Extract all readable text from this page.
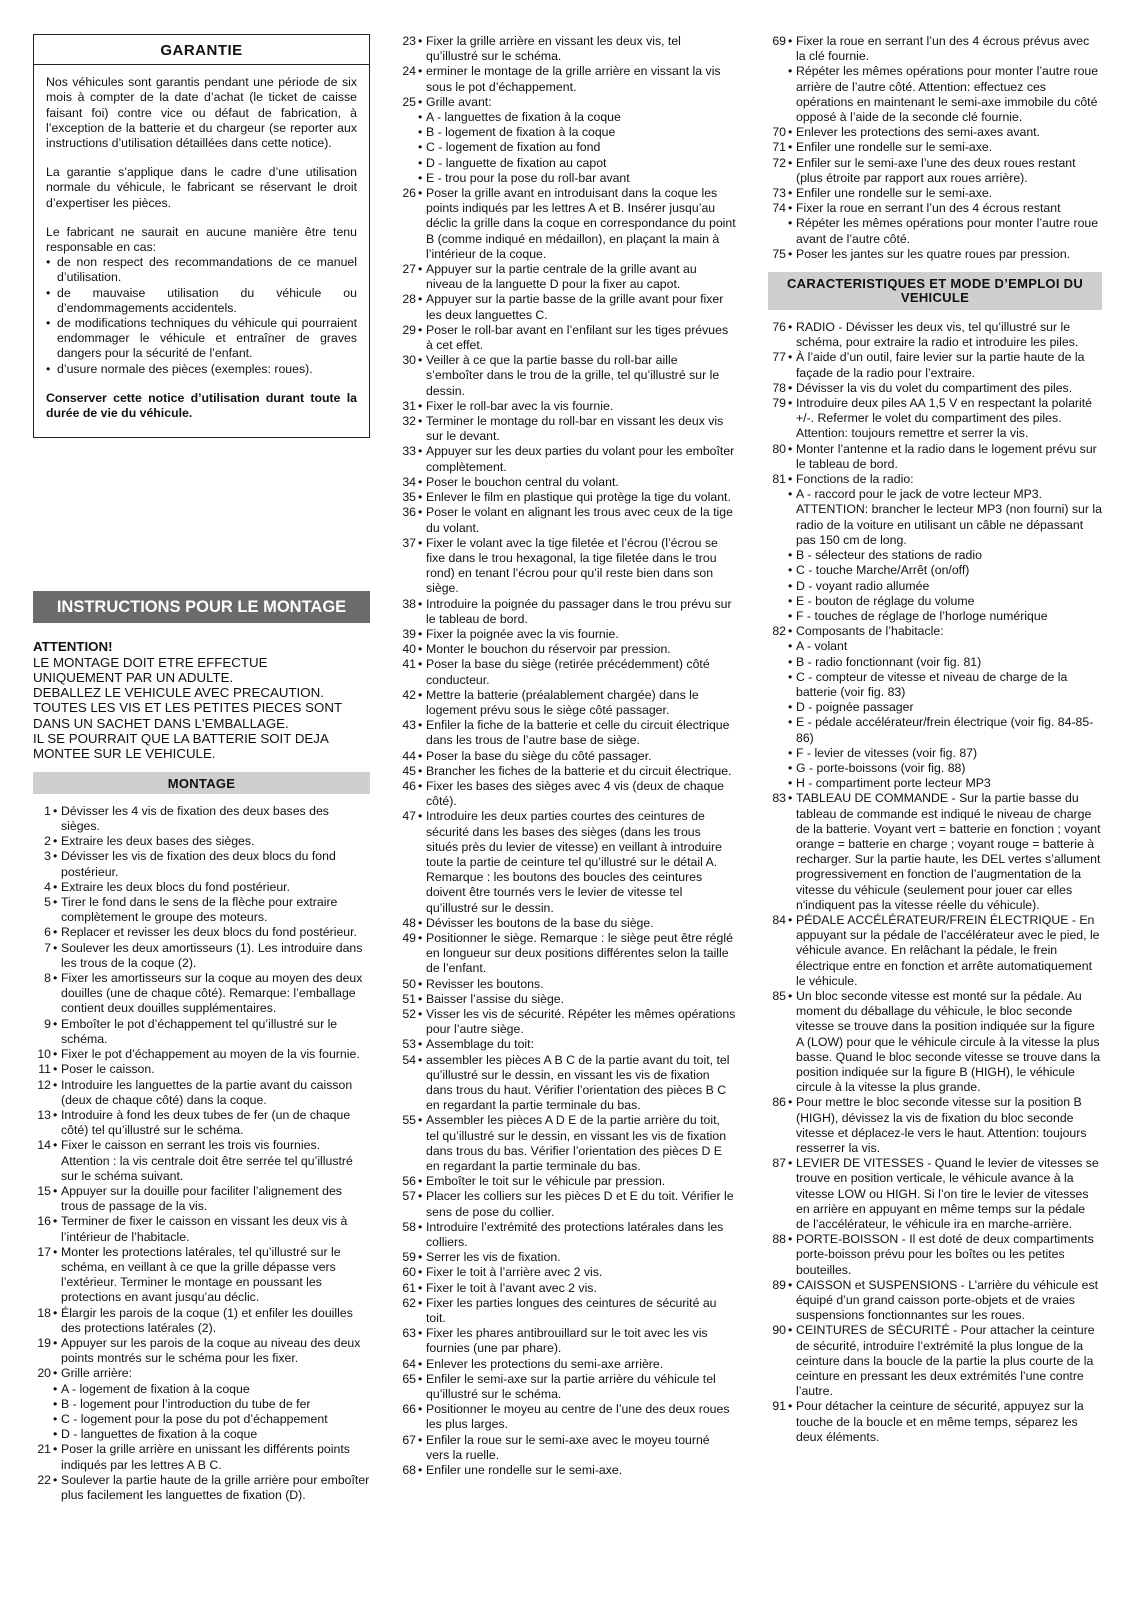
GARANTIE

Nos véhicules sont garantis pendant une période de six mois à compter de la date d’achat (le ticket de caisse faisant foi) contre vice ou défaut de fabrication, à l’exception de la batterie et du chargeur (se reporter aux instructions d’utilisation détaillées dans cette notice).

La garantie s’applique dans le cadre d’une utilisation normale du véhicule, le fabricant se réservant le droit d’expertiser les pièces.

Le fabricant ne saurait en aucune manière être tenu responsable en cas:

• de non respect des recommandations de ce manuel d’utilisation.
• de mauvaise utilisation du véhicule ou d’endommagements accidentels.
• de modifications techniques du véhicule qui pourraient endommager le véhicule et entraîner de graves dangers pour la sécurité de l’enfant.
• d’usure normale des pièces (exemples: roues).

Conserver cette notice d’utilisation durant toute la durée de vie du véhicule.

INSTRUCTIONS POUR LE MONTAGE
ATTENTION!
LE MONTAGE DOIT ETRE EFFECTUE
UNIQUEMENT PAR UN ADULTE.
DEBALLEZ LE VEHICULE AVEC PRECAUTION.
TOUTES LES VIS ET LES PETITES PIECES SONT
DANS UN SACHET DANS L'EMBALLAGE.
IL SE POURRAIT QUE LA BATTERIE SOIT DEJA
MONTEE SUR LE VEHICULE.
MONTAGE
1 • Dévisser les 4 vis de fixation des deux bases des sièges.
2 • Extraire les deux bases des sièges.
3 • Dévisser les vis de fixation des deux blocs du fond postérieur.
4 • Extraire les deux blocs du fond postérieur.
5 • Tirer le fond dans le sens de la flèche pour extraire complètement le groupe des moteurs.
6 • Replacer et revisser les deux blocs du fond postérieur.
7 • Soulever les deux amortisseurs (1). Les introduire dans les trous de la coque (2).
8 • Fixer les amortisseurs sur la coque au moyen des deux douilles (une de chaque côté). Remarque: l’emballage contient deux douilles supplémentaires.
9 • Emboîter le pot d’échappement tel qu’illustré sur le schéma.
10 • Fixer le pot d’échappement au moyen de la vis fournie.
11 • Poser le caisson.
12 • Introduire les languettes de la partie avant du caisson (deux de chaque côté) dans la coque.
13 • Introduire à fond les deux tubes de fer (un de chaque côté) tel qu’illustré sur le schéma.
14 • Fixer le caisson en serrant les trois vis fournies. Attention : la vis centrale doit être serrée tel qu’illustré sur le schéma suivant.
15 • Appuyer sur la douille pour faciliter l’alignement des trous de passage de la vis.
16 • Terminer de fixer le caisson en vissant les deux vis à l’intérieur de l’habitacle.
17 • Monter les protections latérales, tel qu’illustré sur le schéma, en veillant à ce que la grille dépasse vers l’extérieur. Terminer le montage en poussant les protections en avant jusqu’au déclic.
18 • Élargir les parois de la coque (1) et enfiler les douilles des protections latérales (2).
19 • Appuyer sur les parois de la coque au niveau des deux points montrés sur le schéma pour les fixer.
20 • Grille arrière:
• A - logement de fixation à la coque
• B - logement pour l’introduction du tube de fer
• C - logement pour la pose du pot d’échappement
• D - languettes de fixation à la coque
21 • Poser la grille arrière en unissant les différents points indiqués par les lettres A B C.
22 • Soulever la partie haute de la grille arrière pour emboîter plus facilement les languettes de fixation (D).
23 • Fixer la grille arrière en vissant les deux vis, tel qu’illustré sur le schéma.
24 • erminer le montage de la grille arrière en vissant la vis sous le pot d’échappement.
25 • Grille avant:
• A - languettes de fixation à la coque
• B - logement de fixation à la coque
• C - logement de fixation au fond
• D - languette de fixation au capot
• E - trou pour la pose du roll-bar avant
26 • Poser la grille avant en introduisant dans la coque les points indiqués par les lettres A et B. Insérer jusqu’au déclic la grille dans la coque en correspondance du point B (comme indiqué en médaillon), en plaçant la main à l’intérieur de la coque.
27 • Appuyer sur la partie centrale de la grille avant au niveau de la languette D pour la fixer au capot.
28 • Appuyer sur la partie basse de la grille avant pour fixer les deux languettes C.
29 • Poser le roll-bar avant en l’enfilant sur les tiges prévues à cet effet.
30 • Veiller à ce que la partie basse du roll-bar aille s’emboîter dans le trou de la grille, tel qu’illustré sur le dessin.
31 • Fixer le roll-bar avec la vis fournie.
32 • Terminer le montage du roll-bar en vissant les deux vis sur le devant.
33 • Appuyer sur les deux parties du volant pour les emboîter complètement.
34 • Poser le bouchon central du volant.
35 • Enlever le film en plastique qui protège la tige du volant.
36 • Poser le volant en alignant les trous avec ceux de la tige du volant.
37 • Fixer le volant avec la tige filetée et l’écrou (l’écrou se fixe dans le trou hexagonal, la tige filetée dans le trou rond) en tenant l’écrou pour qu’il reste bien dans son siège.
38 • Introduire la poignée du passager dans le trou prévu sur le tableau de bord.
39 • Fixer la poignée avec la vis fournie.
40 • Monter le bouchon du réservoir par pression.
41 • Poser la base du siège (retirée précédemment) côté conducteur.
42 • Mettre la batterie (préalablement chargée) dans le logement prévu sous le siège côté passager.
43 • Enfiler la fiche de la batterie et celle du circuit électrique dans les trous de l’autre base de siège.
44 • Poser la base du siège du côté passager.
45 • Brancher les fiches de la batterie et du circuit électrique.
46 • Fixer les bases des sièges avec 4 vis (deux de chaque côté).
47 • Introduire les deux parties courtes des ceintures de sécurité dans les bases des sièges (dans les trous situés près du levier de vitesse) en veillant à introduire toute la partie de ceinture tel qu’illustré sur le détail A. Remarque : les boutons des boucles des ceintures doivent être tournés vers le levier de vitesse tel qu’illustré sur le dessin.
48 • Dévisser les boutons de la base du siège.
49 • Positionner le siège. Remarque : le siège peut être réglé en longueur sur deux positions différentes selon la taille de l’enfant.
50 • Revisser les boutons.
51 • Baisser l’assise du siège.
52 • Visser les vis de sécurité. Répéter les mêmes opérations pour l’autre siège.
53 • Assemblage du toit:
54 • assembler les pièces A B C de la partie avant du toit, tel qu’illustré sur le dessin, en vissant les vis de fixation dans trous du haut. Vérifier l’orientation des pièces B C en regardant la partie terminale du bas.
55 • Assembler les pièces A D E de la partie arrière du toit, tel qu’illustré sur le dessin, en vissant les vis de fixation dans trous du bas. Vérifier l’orientation des pièces D E en regardant la partie terminale du bas.
56 • Emboîter le toit sur le véhicule par pression.
57 • Placer les colliers sur les pièces D et E du toit. Vérifier le sens de pose du collier.
58 • Introduire l’extrémité des protections latérales dans les colliers.
59 • Serrer les vis de fixation.
60 • Fixer le toit à l’arrière avec 2 vis.
61 • Fixer le toit à l’avant avec 2 vis.
62 • Fixer les parties longues des ceintures de sécurité au toit.
63 • Fixer les phares antibrouillard sur le toit avec les vis fournies (une par phare).
64 • Enlever les protections du semi-axe arrière.
65 • Enfiler le semi-axe sur la partie arrière du véhicule tel qu’illustré sur le schéma.
66 • Positionner le moyeu au centre de l’une des deux roues les plus larges.
67 • Enfiler la roue sur le semi-axe avec le moyeu tourné vers la ruelle.
68 • Enfiler une rondelle sur le semi-axe.
69 • Fixer la roue en serrant l’un des 4 écrous prévus avec la clé fournie.
• Répéter les mêmes opérations pour monter l’autre roue arrière de l’autre côté. Attention: effectuez ces opérations en maintenant le semi-axe immobile du côté opposé à l’aide de la seconde clé fournie.
70 • Enlever les protections des semi-axes avant.
71 • Enfiler une rondelle sur le semi-axe.
72 • Enfiler sur le semi-axe l’une des deux roues restant (plus étroite par rapport aux roues arrière).
73 • Enfiler une rondelle sur le semi-axe.
74 • Fixer la roue en serrant l’un des 4 écrous restant
• Répéter les mêmes opérations pour monter l’autre roue avant de l’autre côté.
75 • Poser les jantes sur les quatre roues par pression.
CARACTERISTIQUES ET MODE D’EMPLOI DU VEHICULE
76 • RADIO - Dévisser les deux vis, tel qu’illustré sur le schéma, pour extraire la radio et introduire les piles.
77 • À l’aide d’un outil, faire levier sur la partie haute de la façade de la radio pour l’extraire.
78 • Dévisser la vis du volet du compartiment des piles.
79 • Introduire deux piles AA 1,5 V en respectant la polarité +/-. Refermer le volet du compartiment des piles. Attention: toujours remettre et serrer la vis.
80 • Monter l’antenne et la radio dans le logement prévu sur le tableau de bord.
81 • Fonctions de la radio:
• A - raccord pour le jack de votre lecteur MP3. ATTENTION: brancher le lecteur MP3 (non fourni) sur la radio de la voiture en utilisant un câble ne dépassant pas 150 cm de long.
• B - sélecteur des stations de radio
• C - touche Marche/Arrêt (on/off)
• D - voyant radio allumée
• E - bouton de réglage du volume
• F - touches de réglage de l’horloge numérique
82 • Composants de l’habitacle:
• A - volant
• B - radio fonctionnant (voir fig. 81)
• C - compteur de vitesse et niveau de charge de la batterie (voir fig. 83)
• D - poignée passager
• E - pédale accélérateur/frein électrique (voir fig. 84-85-86)
• F - levier de vitesses (voir fig. 87)
• G - porte-boissons (voir fig. 88)
• H - compartiment porte lecteur MP3
83 • TABLEAU DE COMMANDE - Sur la partie basse du tableau de commande est indiqué le niveau de charge de la batterie. Voyant vert = batterie en fonction ; voyant orange = batterie en charge ; voyant rouge = batterie à recharger. Sur la partie haute, les DEL vertes s’allument progressivement en fonction de l’augmentation de la vitesse du véhicule (seulement pour jouer car elles n'indiquent pas la vitesse réelle du véhicule).
84 • PÉDALE ACCÉLÉRATEUR/FREIN ÉLECTRIQUE - En appuyant sur la pédale de l’accélérateur avec le pied, le véhicule avance. En relâchant la pédale, le frein électrique entre en fonction et arrête automatiquement le véhicule.
85 • Un bloc seconde vitesse est monté sur la pédale. Au moment du déballage du véhicule, le bloc seconde vitesse se trouve dans la position indiquée sur la figure A (LOW) pour que le véhicule circule à la vitesse la plus basse. Quand le bloc seconde vitesse se trouve dans la position indiquée sur la figure B (HIGH), le véhicule circule à la vitesse la plus grande.
86 • Pour mettre le bloc seconde vitesse sur la position B (HIGH), dévissez la vis de fixation du bloc seconde vitesse et déplacez-le vers le haut. Attention: toujours resserrer la vis.
87 • LEVIER DE VITESSES - Quand le levier de vitesses se trouve en position verticale, le véhicule avance à la vitesse LOW ou HIGH. Si l’on tire le levier de vitesses en arrière en appuyant en même temps sur la pédale de l’accélérateur, le véhicule ira en marche-arrière.
88 • PORTE-BOISSON - Il est doté de deux compartiments porte-boisson prévu pour les boîtes ou les petites bouteilles.
89 • CAISSON et SUSPENSIONS - L’arrière du véhicule est équipé d’un grand caisson porte-objets et de vraies suspensions fonctionnantes sur les roues.
90 • CEINTURES de SÉCURITÉ - Pour attacher la ceinture de sécurité, introduire l’extrémité la plus longue de la ceinture dans la boucle de la partie la plus courte de la ceinture en pressant les deux extrémités l’une contre l’autre.
91 • Pour détacher la ceinture de sécurité, appuyez sur la touche de la boucle et en même temps, séparez les deux éléments.
